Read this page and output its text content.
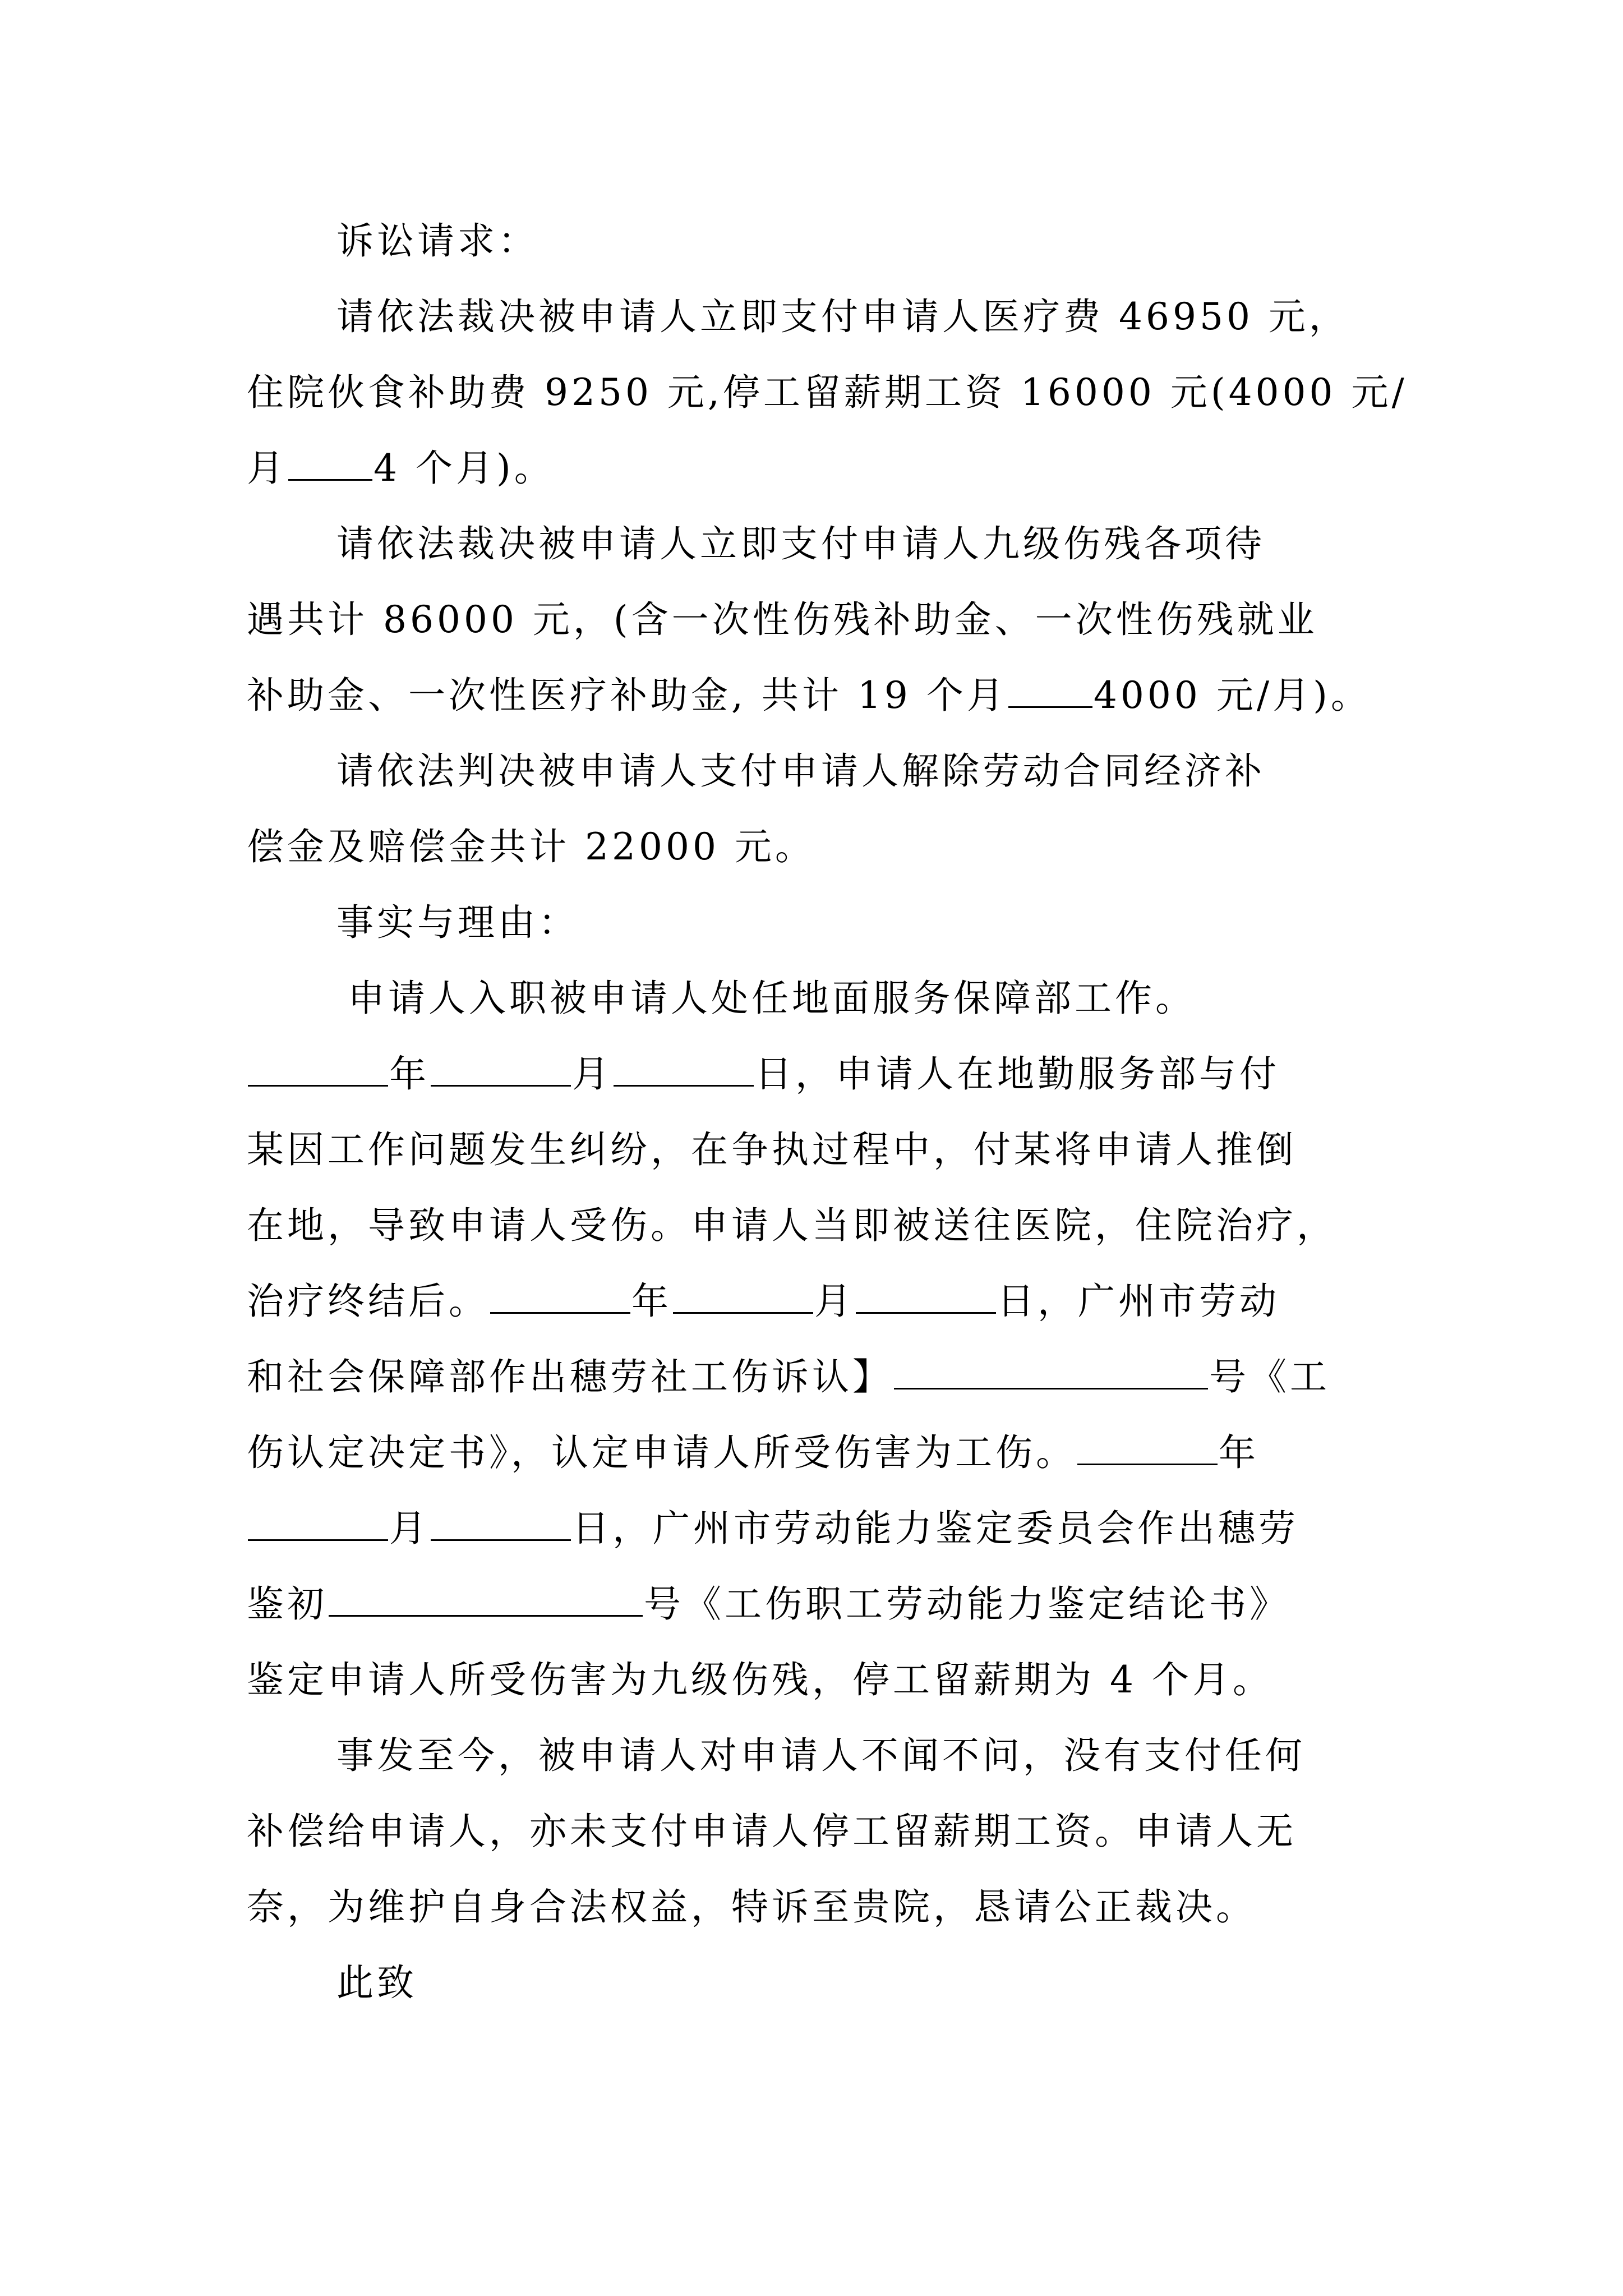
诉讼请求：
请依法裁决被申请人立即支付申请人医疗费 46950 元，
住院伙食补助费 9250 元,停工留薪期工资 16000 元(4000 元/
月 4 个月)。
请依法裁决被申请人立即支付申请人九级伤残各项待
遇共计 86000 元，(含一次性伤残补助金、一次性伤残就业
补助金、一次性医疗补助金, 共计 19 个月 4000 元/月)。
请依法判决被申请人支付申请人解除劳动合同经济补
偿金及赔偿金共计 22000 元。
事实与理由：
申请人入职被申请人处任地面服务保障部工作。
年	月	日，申请人在地勤服务部与付
某因工作问题发生纠纷，在争执过程中，付某将申请人推倒
在地，导致申请人受伤。申请人当即被送往医院，住院治疗，
治疗终结后。	年	月	日，广州市劳动
和社会保障部作出穗劳社工伤诉认】	号《工
伤认定决定书》，认定申请人所受伤害为工伤。	年
月	日，广州市劳动能力鉴定委员会作出穗劳
鉴初	号《工伤职工劳动能力鉴定结论书》
鉴定申请人所受伤害为九级伤残，停工留薪期为 4 个月。
事发至今，被申请人对申请人不闻不问，没有支付任何
补偿给申请人，亦未支付申请人停工留薪期工资。申请人无
奈，为维护自身合法权益，特诉至贵院，恳请公正裁决。
此致
